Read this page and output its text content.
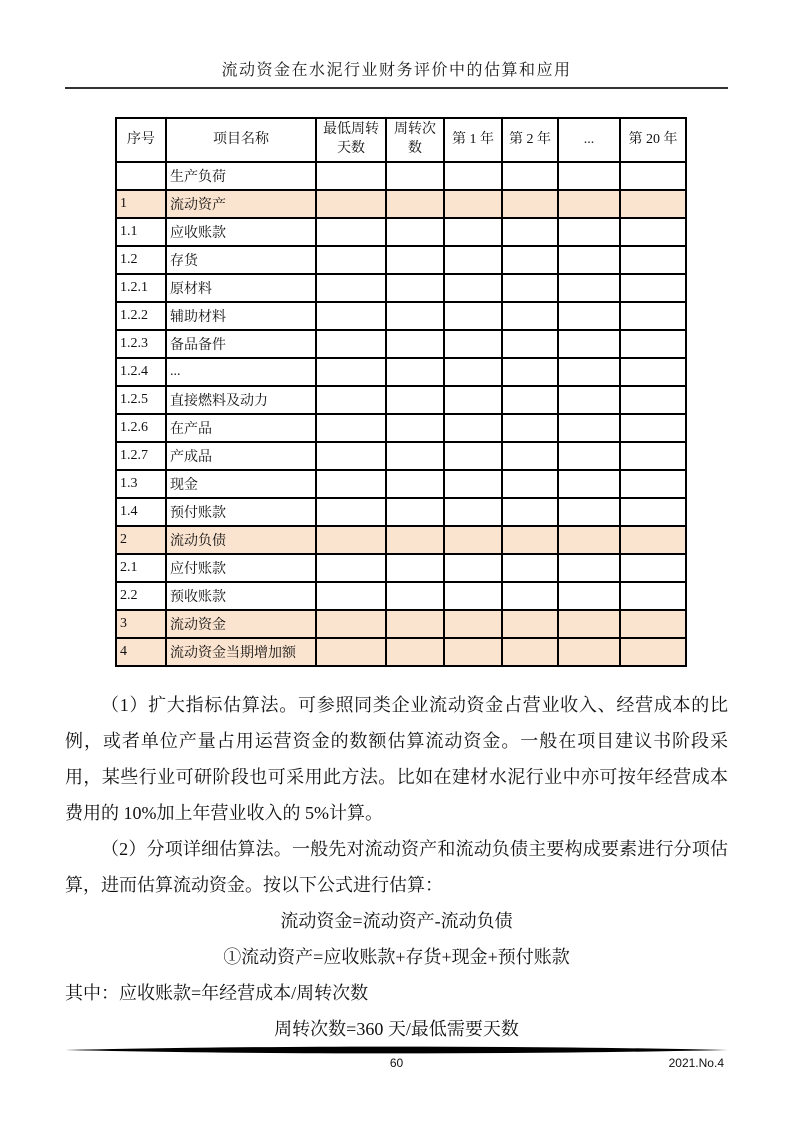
流动资金在水泥行业财务评价中的估算和应用
序号	项目名称	最低周转天数	周转次数	第 1 年	第 2 年	...	第 20 年
	生产负荷						
1	流动资产						
1.1	应收账款						
1.2	存货						
1.2.1	原材料						
1.2.2	辅助材料						
1.2.3	备品备件						
1.2.4	...						
1.2.5	直接燃料及动力						
1.2.6	在产品						
1.2.7	产成品						
1.3	现金						
1.4	预付账款						
2	流动负债						
2.1	应付账款						
2.2	预收账款						
3	流动资金						
4	流动资金当期增加额						

（1）扩大指标估算法。可参照同类企业流动资金占营业收入、经营成本的比例，或者单位产量占用运营资金的数额估算流动资金。一般在项目建议书阶段采用，某些行业可研阶段也可采用此方法。比如在建材水泥行业中亦可按年经营成本费用的 10%加上年营业收入的 5%计算。

（2）分项详细估算法。一般先对流动资产和流动负债主要构成要素进行分项估算，进而估算流动资金。按以下公式进行估算：

流动资金=流动资产-流动负债

①流动资产=应收账款+存货+现金+预付账款

其中：应收账款=年经营成本/周转次数

周转次数=360 天/最低需要天数

60	2021.No.4
